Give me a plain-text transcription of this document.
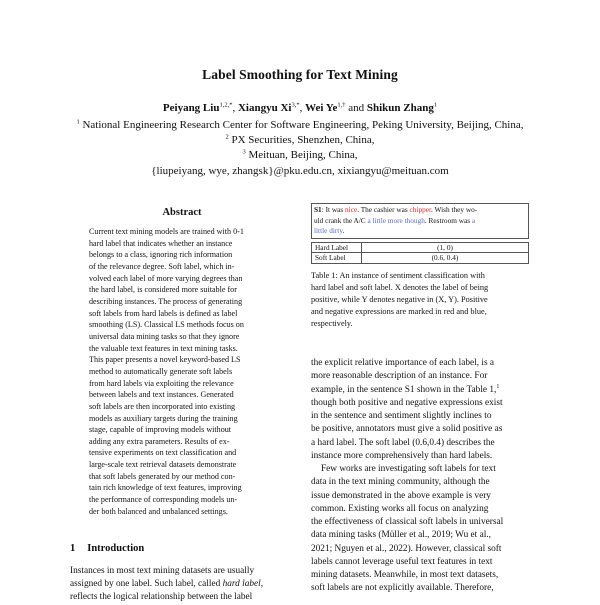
Label Smoothing for Text Mining
Peiyang Liu$^{1,2,*}$, Xiangyu $Xi^{3,*}$, Wei $Ye^{1,\dagger}$ and Shikun Zhang$^1$
$^1$ National Engineering Research Center for Software Engineering, Peking University, Beijing, China,
$^2$ PX Securities, Shenzhen, China,
$^3$ Meituan, Beijing, China,
{liupeiyang, wye, zhangsk}@pku.edu.cn, xixiangyu@meituan.com
Abstract
Current text mining models are trained with 0-1
hard label that indicates whether an instance
belongs to a class, ignoring rich information
of the relevance degree. Soft label, which in-
volved each label of more varying degrees than
the hard label, is considered more suitable for
describing instances. The process of generating
soft labels from hard labels is defined as label
smoothing (LS). Classical LS methods focus on
universal data mining tasks so that they ignore
the valuable text features in text mining tasks.
This paper presents a novel keyword-based LS
method to automatically generate soft labels
from hard labels via exploiting the relevance
between labels and text instances. Generated
soft labels are then incorporated into existing
models as auxiliary targets during the training
stage, capable of improving models without
adding any extra parameters. Results of ex-
tensive experiments on text classification and
large-scale text retrieval datasets demonstrate
that soft labels generated by our method con-
tain rich knowledge of text features, improving
the performance of corresponding models un-
der both balanced and unbalanced settings.
1 Introduction
Instances in most text mining datasets are usually
assigned by one label. Such label, called hard label,
reflects the logical relationship between the label
S1: It was nice. The cashier was chipper. Wish they wo-
uld crank the A/C a little more though. Restroom was a
little dirty.
Hard Label	(1, 0)
Soft Label	(0.6, 0.4)
Table 1: An instance of sentiment classification with
hard label and soft label. X denotes the label of being
positive, while Y denotes negative in (X, Y). Positive
and negative expressions are marked in red and blue,
respectively.
the explicit relative importance of each label, is a
more reasonable description of an instance. For
example, in the sentence S1 shown in the Table 1,$^1$
though both positive and negative expressions exist
in the sentence and sentiment slightly inclines to
be positive, annotators must give a solid positive as
a hard label. The soft label (0.6,0.4) describes the
instance more comprehensively than hard labels.
Few works are investigating soft labels for text
data in the text mining community, although the
issue demonstrated in the above example is very
common. Existing works all focus on analyzing
the effectiveness of classical soft labels in universal
data mining tasks (Müller et al., 2019; Wu et al.,
2021; Nguyen et al., 2022). However, classical soft
labels cannot leverage useful text features in text
mining datasets. Meanwhile, in most text datasets,
soft labels are not explicitly available. Therefore,
